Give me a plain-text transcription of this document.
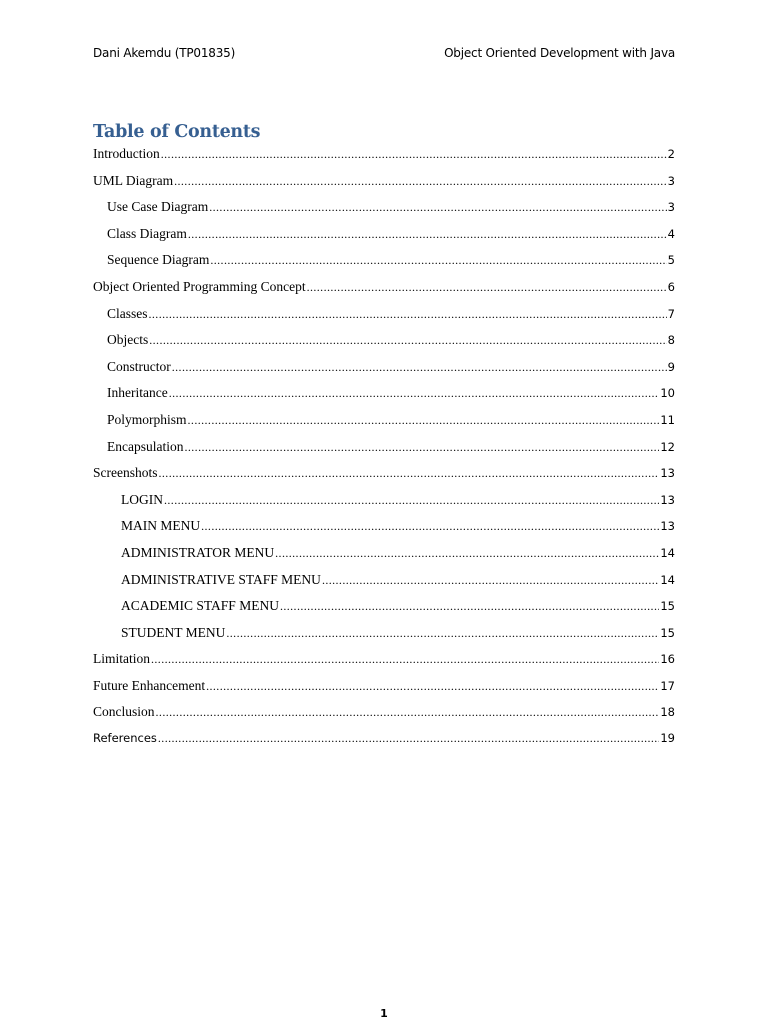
Dani Akemdu (TP01835)	Object Oriented Development with Java
Table of Contents
Introduction .....	2
UML Diagram .....	3
Use Case Diagram .....	3
Class Diagram .....	4
Sequence Diagram .....	5
Object Oriented Programming Concept .....	6
Classes .....	7
Objects .....	8
Constructor .....	9
Inheritance .....	10
Polymorphism .....	11
Encapsulation .....	12
Screenshots .....	13
LOGIN .....	13
MAIN MENU .....	13
ADMINISTRATOR MENU .....	14
ADMINISTRATIVE STAFF MENU .....	14
ACADEMIC STAFF MENU .....	15
STUDENT MENU .....	15
Limitation .....	16
Future Enhancement .....	17
Conclusion .....	18
References .....	19
1
